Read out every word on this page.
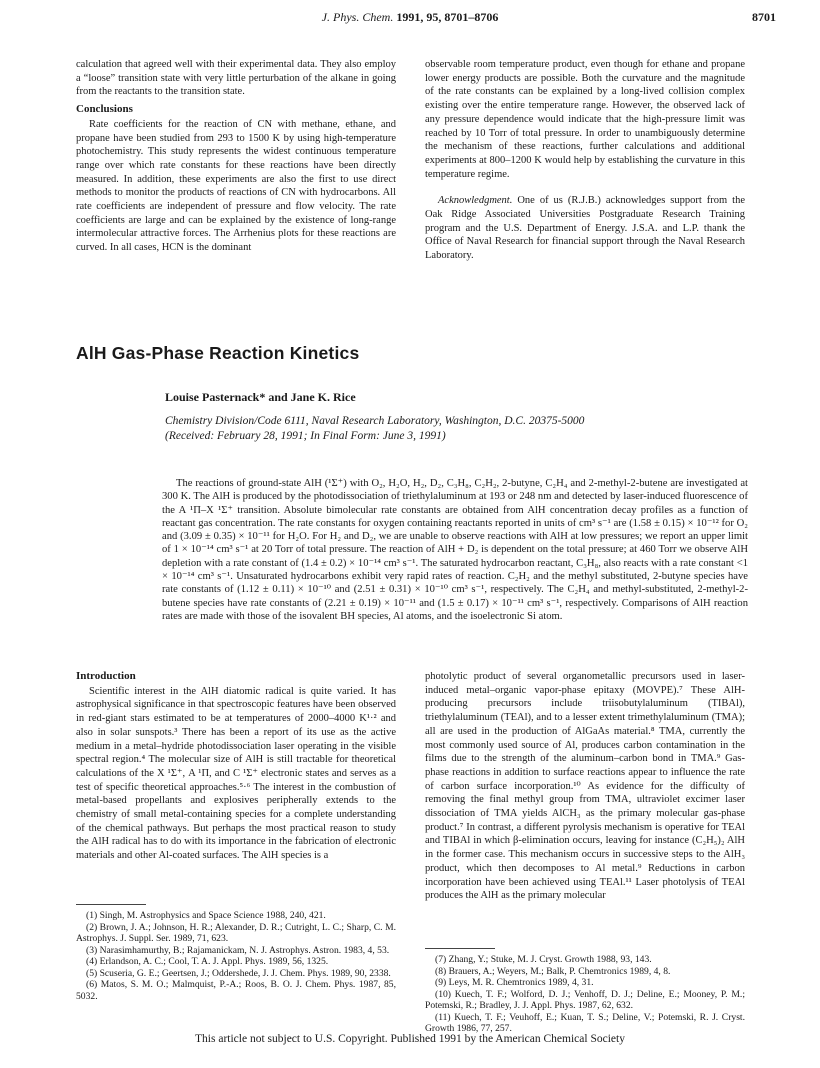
J. Phys. Chem. 1991, 95, 8701–8706	8701

calculation that agreed well with their experimental data. They also employ a “loose” transition state with very little perturbation of the alkane in going from the reactants to the transition state.

Conclusions

Rate coefficients for the reaction of CN with methane, ethane, and propane have been studied from 293 to 1500 K by using high-temperature photochemistry. This study represents the widest continuous temperature range over which rate constants for these reactions have been directly measured. In addition, these experiments are also the first to use direct methods to monitor the products of reactions of CN with hydrocarbons. All rate coefficients are independent of pressure and flow velocity. The rate coefficients are large and can be explained by the existence of long-range intermolecular attractive forces. The Arrhenius plots for these reactions are curved. In all cases, HCN is the dominant

observable room temperature product, even though for ethane and propane lower energy products are possible. Both the curvature and the magnitude of the rate constants can be explained by a long-lived collision complex existing over the entire temperature range. However, the observed lack of any pressure dependence would indicate that the high-pressure limit was reached by 10 Torr of total pressure. In order to unambiguously determine the mechanism of these reactions, further calculations and additional experiments at 800–1200 K would help by establishing the curvature in this temperature regime.

Acknowledgment. One of us (R.J.B.) acknowledges support from the Oak Ridge Associated Universities Postgraduate Research Training program and the U.S. Department of Energy. J.S.A. and L.P. thank the Office of Naval Research for financial support through the Naval Research Laboratory.

AlH Gas-Phase Reaction Kinetics
Louise Pasternack* and Jane K. Rice
Chemistry Division/Code 6111, Naval Research Laboratory, Washington, D.C. 20375-5000
(Received: February 28, 1991; In Final Form: June 3, 1991)

The reactions of ground-state AlH (¹Σ⁺) with O₂, H₂O, H₂, D₂, C₃H₈, C₂H₂, 2-butyne, C₂H₄ and 2-methyl-2-butene are investigated at 300 K. The AlH is produced by the photodissociation of triethylaluminum at 193 or 248 nm and detected by laser-induced fluorescence of the A ¹Π–X ¹Σ⁺ transition. Absolute bimolecular rate constants are obtained from AlH concentration decay profiles as a function of reactant gas concentration. The rate constants for oxygen containing reactants reported in units of cm³ s⁻¹ are (1.58 ± 0.15) × 10⁻¹² for O₂ and (3.09 ± 0.35) × 10⁻¹¹ for H₂O. For H₂ and D₂, we are unable to observe reactions with AlH at low pressures; we report an upper limit of 1 × 10⁻¹⁴ cm³ s⁻¹ at 20 Torr of total pressure. The reaction of AlH + D₂ is dependent on the total pressure; at 460 Torr we observe AlH depletion with a rate constant of (1.4 ± 0.2) × 10⁻¹⁴ cm³ s⁻¹. The saturated hydrocarbon reactant, C₃H₈, also reacts with a rate constant <1 × 10⁻¹⁴ cm³ s⁻¹. Unsaturated hydrocarbons exhibit very rapid rates of reaction. C₂H₂ and the methyl substituted, 2-butyne species have rate constants of (1.12 ± 0.11) × 10⁻¹⁰ and (2.51 ± 0.31) × 10⁻¹⁰ cm³ s⁻¹, respectively. The C₂H₄ and methyl-substituted, 2-methyl-2-butene species have rate constants of (2.21 ± 0.19) × 10⁻¹¹ and (1.5 ± 0.17) × 10⁻¹¹ cm³ s⁻¹, respectively. Comparisons of AlH reaction rates are made with those of the isovalent BH species, Al atoms, and the isoelectronic Si atom.

Introduction

Scientific interest in the AlH diatomic radical is quite varied. It has astrophysical significance in that spectroscopic features have been observed in red-giant stars estimated to be at temperatures of 2000–4000 K¹·² and also in solar sunspots.³ There has been a report of its use as the active medium in a metal–hydride photodissociation laser operating in the visible spectral region.⁴ The molecular size of AlH is still tractable for theoretical calculations of the X ¹Σ⁺, A ¹Π, and C ¹Σ⁺ electronic states and serves as a test of specific theoretical approaches.⁵·⁶ The interest in the combustion of metal-based propellants and explosives peripherally extends to the chemistry of small metal-containing species for a complete understanding of the chemical pathways. But perhaps the most practical reason to study the AlH radical has to do with its importance in the fabrication of electronic materials and other Al-coated surfaces. The AlH species is a

photolytic product of several organometallic precursors used in laser-induced metal–organic vapor-phase epitaxy (MOVPE).⁷ These AlH-producing precursors include triisobutylaluminum (TIBAl), triethylaluminum (TEAl), and to a lesser extent trimethylaluminum (TMA); all are used in the production of AlGaAs material.⁸ TMA, currently the most commonly used source of Al, produces carbon contamination in the films due to the strength of the aluminum–carbon bond in TMA.⁹ Gas-phase reactions in addition to surface reactions appear to influence the rate of carbon surface incorporation.¹⁰ As evidence for the difficulty of removing the final methyl group from TMA, ultraviolet excimer laser dissociation of TMA yields AlCH₃ as the primary molecular gas-phase product.⁷ In contrast, a different pyrolysis mechanism is operative for TEAl and TIBAl in which β-elimination occurs, leaving for instance (C₂H₅)₂ AlH in the former case. This mechanism occurs in successive steps to the AlH₃ product, which then decomposes to Al metal.⁹ Reductions in carbon incorporation have been achieved using TEAl.¹¹ Laser photolysis of TEAl produces the AlH as the primary molecular

(1) Singh, M. Astrophysics and Space Science 1988, 240, 421.
(2) Brown, J. A.; Johnson, H. R.; Alexander, D. R.; Cutright, L. C.; Sharp, C. M. Astrophys. J. Suppl. Ser. 1989, 71, 623.
(3) Narasimhamurthy, B.; Rajamanickam, N. J. Astrophys. Astron. 1983, 4, 53.
(4) Erlandson, A. C.; Cool, T. A. J. Appl. Phys. 1989, 56, 1325.
(5) Scuseria, G. E.; Geertsen, J.; Oddershede, J. J. Chem. Phys. 1989, 90, 2338.
(6) Matos, S. M. O.; Malmquist, P.-A.; Roos, B. O. J. Chem. Phys. 1987, 85, 5032.
(7) Zhang, Y.; Stuke, M. J. Cryst. Growth 1988, 93, 143.
(8) Brauers, A.; Weyers, M.; Balk, P. Chemtronics 1989, 4, 8.
(9) Leys, M. R. Chemtronics 1989, 4, 31.
(10) Kuech, T. F.; Wolford, D. J.; Venhoff, D. J.; Deline, E.; Mooney, P. M.; Potemski, R.; Bradley, J. J. Appl. Phys. 1987, 62, 632.
(11) Kuech, T. F.; Veuhoff, E.; Kuan, T. S.; Deline, V.; Potemski, R. J. Cryst. Growth 1986, 77, 257.
This article not subject to U.S. Copyright. Published 1991 by the American Chemical Society
